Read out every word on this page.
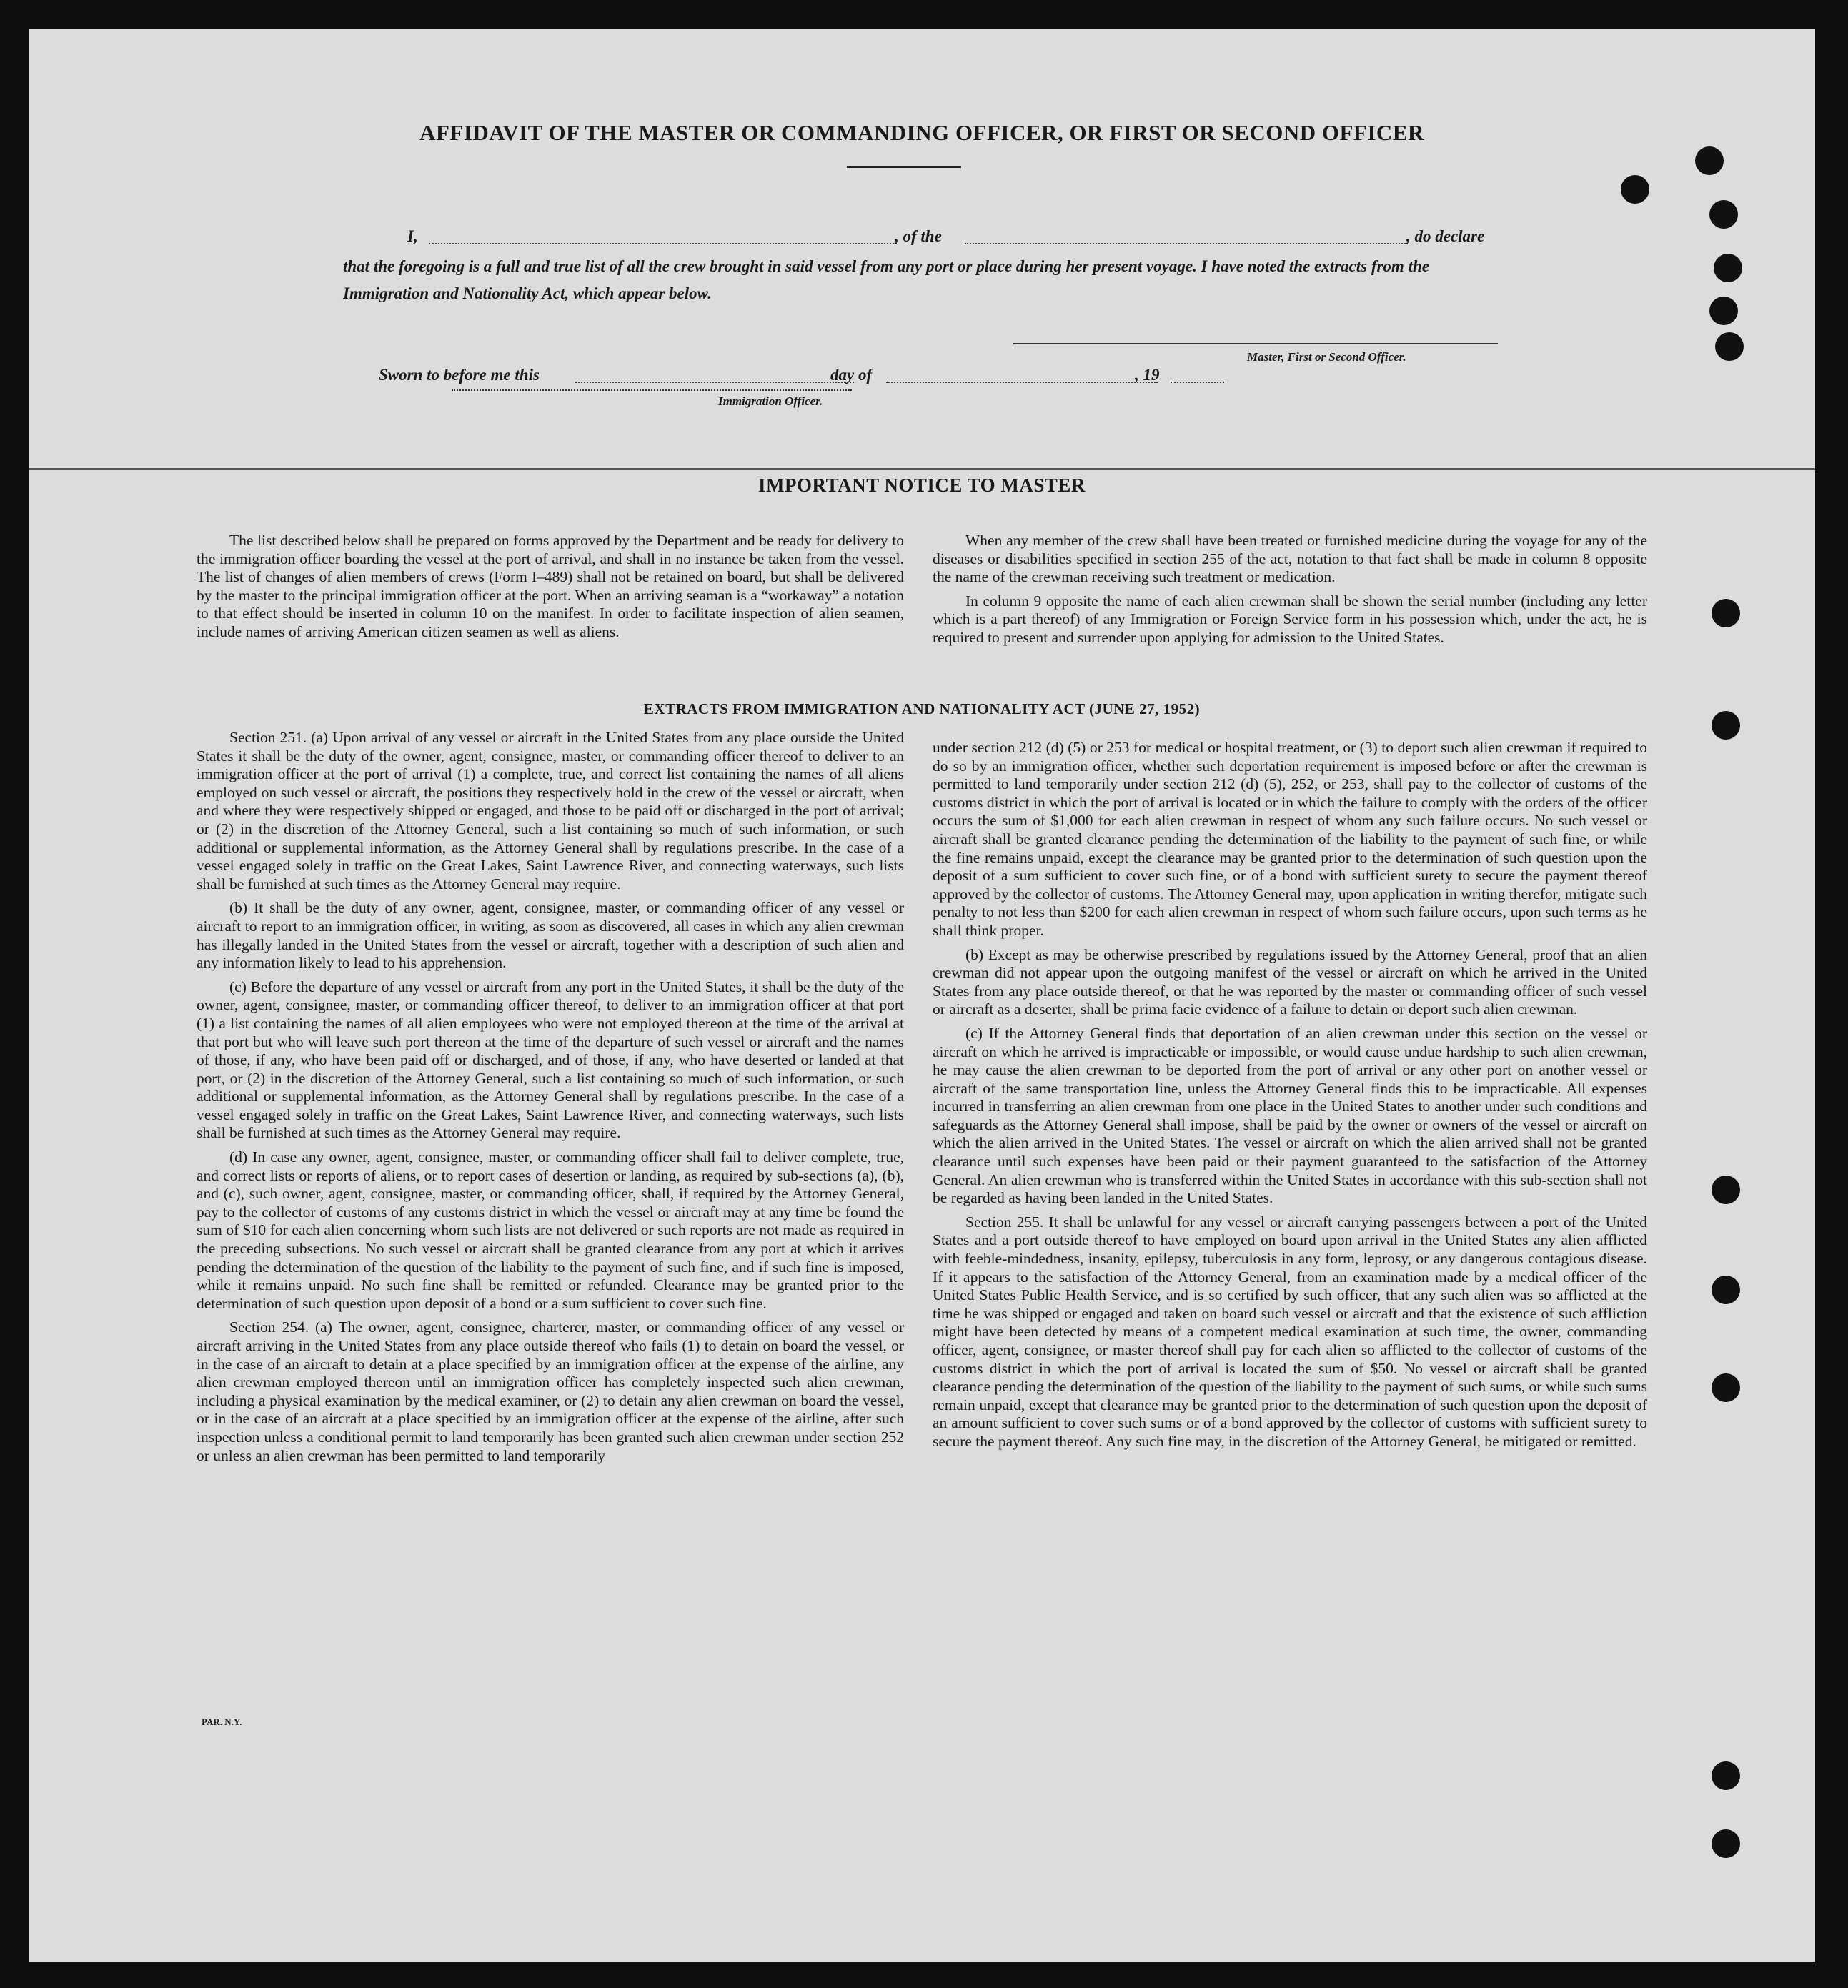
AFFIDAVIT OF THE MASTER OR COMMANDING OFFICER, OR FIRST OR SECOND OFFICER
I,	, of the	, do declare
that the foregoing is a full and true list of all the crew brought in said vessel from any port or place during her present voyage. I have noted the extracts from the Immigration and Nationality Act, which appear below.
Master, First or Second Officer.
Sworn to before me this	day of	, 19
Immigration Officer.
IMPORTANT NOTICE TO MASTER

The list described below shall be prepared on forms approved by the Department and be ready for delivery to the immigration officer boarding the vessel at the port of arrival, and shall in no instance be taken from the vessel. The list of changes of alien members of crews (Form I–489) shall not be retained on board, but shall be delivered by the master to the principal immigration officer at the port. When an arriving seaman is a “workaway” a notation to that effect should be inserted in column 10 on the manifest. In order to facilitate inspection of alien seamen, include names of arriving American citizen seamen as well as aliens.

When any member of the crew shall have been treated or furnished medicine during the voyage for any of the diseases or disabilities specified in section 255 of the act, notation to that fact shall be made in column 8 opposite the name of the crewman receiving such treatment or medication.

In column 9 opposite the name of each alien crewman shall be shown the serial number (including any letter which is a part thereof) of any Immigration or Foreign Service form in his possession which, under the act, he is required to present and surrender upon applying for admission to the United States.

EXTRACTS FROM IMMIGRATION AND NATIONALITY ACT (JUNE 27, 1952)

Section 251. (a) Upon arrival of any vessel or aircraft in the United States from any place outside the United States it shall be the duty of the owner, agent, consignee, master, or commanding officer thereof to deliver to an immigration officer at the port of arrival (1) a complete, true, and correct list containing the names of all aliens employed on such vessel or aircraft, the positions they respectively hold in the crew of the vessel or aircraft, when and where they were respectively shipped or engaged, and those to be paid off or discharged in the port of arrival; or (2) in the discretion of the Attorney General, such a list containing so much of such information, or such additional or supplemental information, as the Attorney General shall by regulations prescribe. In the case of a vessel engaged solely in traffic on the Great Lakes, Saint Lawrence River, and connecting waterways, such lists shall be furnished at such times as the Attorney General may require.

(b) It shall be the duty of any owner, agent, consignee, master, or commanding officer of any vessel or aircraft to report to an immigration officer, in writing, as soon as discovered, all cases in which any alien crewman has illegally landed in the United States from the vessel or aircraft, together with a description of such alien and any information likely to lead to his apprehension.

(c) Before the departure of any vessel or aircraft from any port in the United States, it shall be the duty of the owner, agent, consignee, master, or commanding officer thereof, to deliver to an immigration officer at that port (1) a list containing the names of all alien employees who were not employed thereon at the time of the arrival at that port but who will leave such port thereon at the time of the departure of such vessel or aircraft and the names of those, if any, who have been paid off or discharged, and of those, if any, who have deserted or landed at that port, or (2) in the discretion of the Attorney General, such a list containing so much of such information, or such additional or supplemental information, as the Attorney General shall by regulations prescribe. In the case of a vessel engaged solely in traffic on the Great Lakes, Saint Lawrence River, and connecting waterways, such lists shall be furnished at such times as the Attorney General may require.

(d) In case any owner, agent, consignee, master, or commanding officer shall fail to deliver complete, true, and correct lists or reports of aliens, or to report cases of desertion or landing, as required by sub-sections (a), (b), and (c), such owner, agent, consignee, master, or commanding officer, shall, if required by the Attorney General, pay to the collector of customs of any customs district in which the vessel or aircraft may at any time be found the sum of $10 for each alien concerning whom such lists are not delivered or such reports are not made as required in the preceding subsections. No such vessel or aircraft shall be granted clearance from any port at which it arrives pending the determination of the question of the liability to the payment of such fine, and if such fine is imposed, while it remains unpaid. No such fine shall be remitted or refunded. Clearance may be granted prior to the determination of such question upon deposit of a bond or a sum sufficient to cover such fine.

Section 254. (a) The owner, agent, consignee, charterer, master, or commanding officer of any vessel or aircraft arriving in the United States from any place outside thereof who fails (1) to detain on board the vessel, or in the case of an aircraft to detain at a place specified by an immigration officer at the expense of the airline, any alien crewman employed thereon until an immigration officer has completely inspected such alien crewman, including a physical examination by the medical examiner, or (2) to detain any alien crewman on board the vessel, or in the case of an aircraft at a place specified by an immigration officer at the expense of the airline, after such inspection unless a conditional permit to land temporarily has been granted such alien crewman under section 252 or unless an alien crewman has been permitted to land temporarily

under section 212 (d) (5) or 253 for medical or hospital treatment, or (3) to deport such alien crewman if required to do so by an immigration officer, whether such deportation requirement is imposed before or after the crewman is permitted to land temporarily under section 212 (d) (5), 252, or 253, shall pay to the collector of customs of the customs district in which the port of arrival is located or in which the failure to comply with the orders of the officer occurs the sum of $1,000 for each alien crewman in respect of whom any such failure occurs. No such vessel or aircraft shall be granted clearance pending the determination of the liability to the payment of such fine, or while the fine remains unpaid, except the clearance may be granted prior to the determination of such question upon the deposit of a sum sufficient to cover such fine, or of a bond with sufficient surety to secure the payment thereof approved by the collector of customs. The Attorney General may, upon application in writing therefor, mitigate such penalty to not less than $200 for each alien crewman in respect of whom such failure occurs, upon such terms as he shall think proper.

(b) Except as may be otherwise prescribed by regulations issued by the Attorney General, proof that an alien crewman did not appear upon the outgoing manifest of the vessel or aircraft on which he arrived in the United States from any place outside thereof, or that he was reported by the master or commanding officer of such vessel or aircraft as a deserter, shall be prima facie evidence of a failure to detain or deport such alien crewman.

(c) If the Attorney General finds that deportation of an alien crewman under this section on the vessel or aircraft on which he arrived is impracticable or impossible, or would cause undue hardship to such alien crewman, he may cause the alien crewman to be deported from the port of arrival or any other port on another vessel or aircraft of the same transportation line, unless the Attorney General finds this to be impracticable. All expenses incurred in transferring an alien crewman from one place in the United States to another under such conditions and safeguards as the Attorney General shall impose, shall be paid by the owner or owners of the vessel or aircraft on which the alien arrived in the United States. The vessel or aircraft on which the alien arrived shall not be granted clearance until such expenses have been paid or their payment guaranteed to the satisfaction of the Attorney General. An alien crewman who is transferred within the United States in accordance with this sub-section shall not be regarded as having been landed in the United States.

Section 255. It shall be unlawful for any vessel or aircraft carrying passengers between a port of the United States and a port outside thereof to have employed on board upon arrival in the United States any alien afflicted with feeble-mindedness, insanity, epilepsy, tuberculosis in any form, leprosy, or any dangerous contagious disease. If it appears to the satisfaction of the Attorney General, from an examination made by a medical officer of the United States Public Health Service, and is so certified by such officer, that any such alien was so afflicted at the time he was shipped or engaged and taken on board such vessel or aircraft and that the existence of such affliction might have been detected by means of a competent medical examination at such time, the owner, commanding officer, agent, consignee, or master thereof shall pay for each alien so afflicted to the collector of customs of the customs district in which the port of arrival is located the sum of $50. No vessel or aircraft shall be granted clearance pending the determination of the question of the liability to the payment of such sums, or while such sums remain unpaid, except that clearance may be granted prior to the determination of such question upon the deposit of an amount sufficient to cover such sums or of a bond approved by the collector of customs with sufficient surety to secure the payment thereof. Any such fine may, in the discretion of the Attorney General, be mitigated or remitted.

PAR. N.Y.
